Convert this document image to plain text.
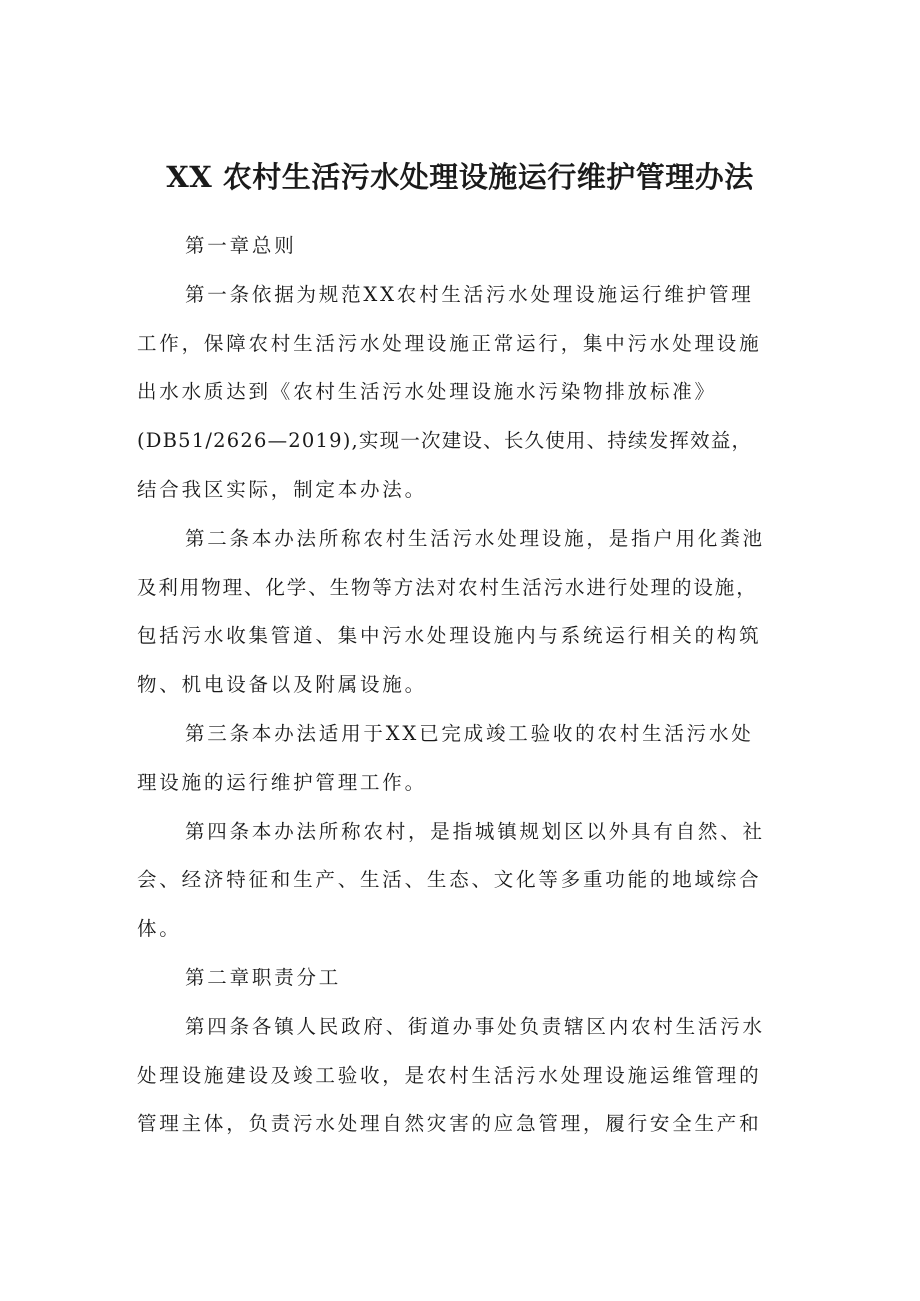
XX 农村生活污水处理设施运行维护管理办法
第一章总则
第一条依据为规范XX农村生活污水处理设施运行维护管理
工作，保障农村生活污水处理设施正常运行，集中污水处理设施
出水水质达到《农村生活污水处理设施水污染物排放标准》
(DB51/2626—2019),实现一次建设、长久使用、持续发挥效益，
结合我区实际，制定本办法。
第二条本办法所称农村生活污水处理设施，是指户用化粪池
及利用物理、化学、生物等方法对农村生活污水进行处理的设施，
包括污水收集管道、集中污水处理设施内与系统运行相关的构筑
物、机电设备以及附属设施。
第三条本办法适用于XX已完成竣工验收的农村生活污水处
理设施的运行维护管理工作。
第四条本办法所称农村，是指城镇规划区以外具有自然、社
会、经济特征和生产、生活、生态、文化等多重功能的地域综合
体。
第二章职责分工
第四条各镇人民政府、街道办事处负责辖区内农村生活污水
处理设施建设及竣工验收，是农村生活污水处理设施运维管理的
管理主体，负责污水处理自然灾害的应急管理，履行安全生产和
